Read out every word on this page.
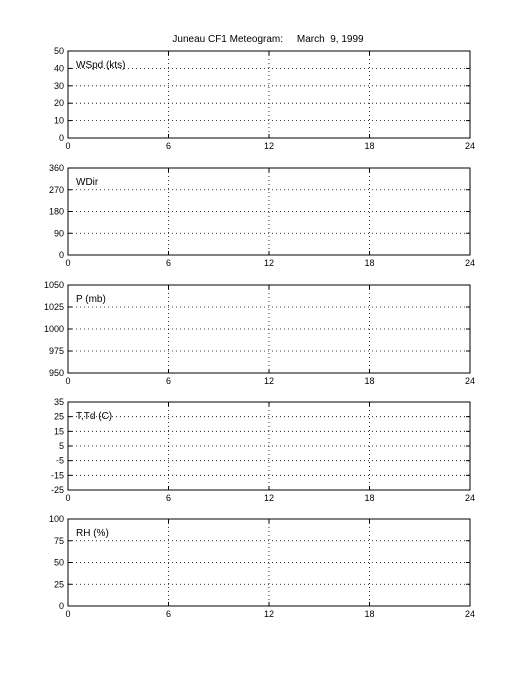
Juneau CF1 Meteogram:     March  9, 1999
0	6	12	18	24
0
10
20
30
40
50
WSpd (kts)
0	6	12	18	24
0
90
180
270
360
WDir
0	6	12	18	24
950
975
1000
1025
1050
P (mb)
0	6	12	18	24
-25
-15
-5
5
15
25
35
T,Td (C)
0	6	12	18	24
0
25
50
75
100
RH (%)
